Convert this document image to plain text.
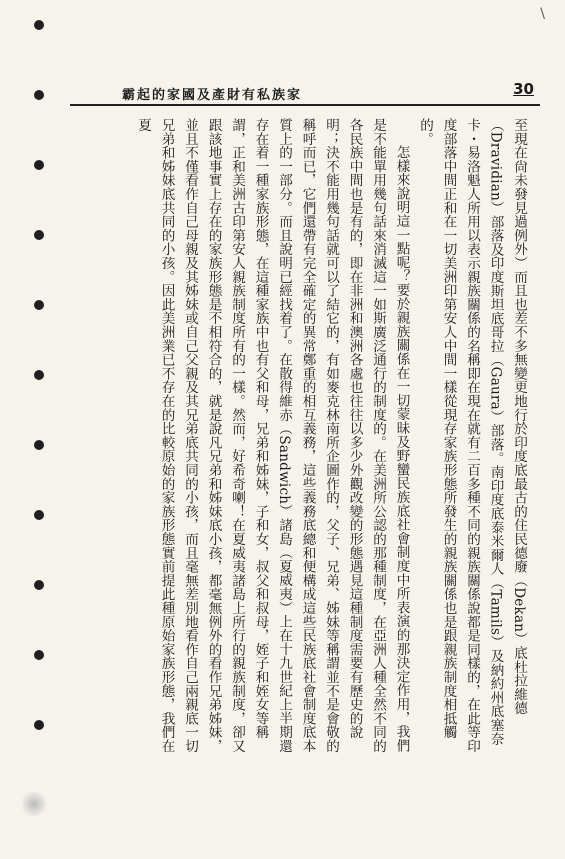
\
霸起的家國及產財有私族家	30

至現在尙未發見過例外）而且也差不多無變更地行於印度底最古的住民德廢（Dekan）底杜拉維德（Dravidian）部落及印度斯坦底哥拉（Gaura）部落。南印度底泰米爾人（Tamils）及納約州底塞奈卡・易洛魁人所用以表示親族關係的名稱即在現在就有二百多種不同的親族關係說都是同樣的，在此等印度部落中間正和在一切美洲印第安人中間一樣從現存家族形態所發生的親族關係也是跟親族制度相抵觸的。

怎樣來說明這一點呢？要於親族關係在一切蒙昧及野蠻民族底社會制度中所表演的那決定作用，我們是不能單用幾句話來消滅這一如斯廣泛通行的制度的。在美洲所公認的那種制度，在亞洲人種全然不同的各民族中間也是有的，即在非洲和澳洲各處也往往以多少外觀改變的形態遇見這種制度需要有歷史的說明；決不能用幾句話就可以了結它的，有如麥克林南所企圖作的，父子、兄弟、姊妹等稱謂並不是會敬的稱呼而已，它們還帶有完全確定的異常鄭重的相互義務，這些義務底總和便構成這些民族底社會制度底本質上的一部分。而且說明已經找着了。在散得維赤（Sandwich）諸島（夏威夷）上在十九世紀上半期還存在着一種家族形態，在這種家族中也有父和母，兄弟和姊妹，子和女，叔父和叔母，姪子和姪女等稱謂，正和美洲古印第安人親族制度所有的一樣。然而，好希奇喇！在夏威夷諸島上所行的親族制度，卻又跟該地事實上存在的家族形態是不相符合的，就是說凡兄弟和姊妹底小孩，都毫無例外的看作兄弟姊妹，並且不僅看作自己母親及其姊妹或自己父親及其兄弟底共同的小孩，而且毫無差別地看作自己兩親底一切兄弟和姊妹底共同的小孩。因此美洲業已不存在的比較原始的家族形態實前提此種原始家族形態，我們在夏
